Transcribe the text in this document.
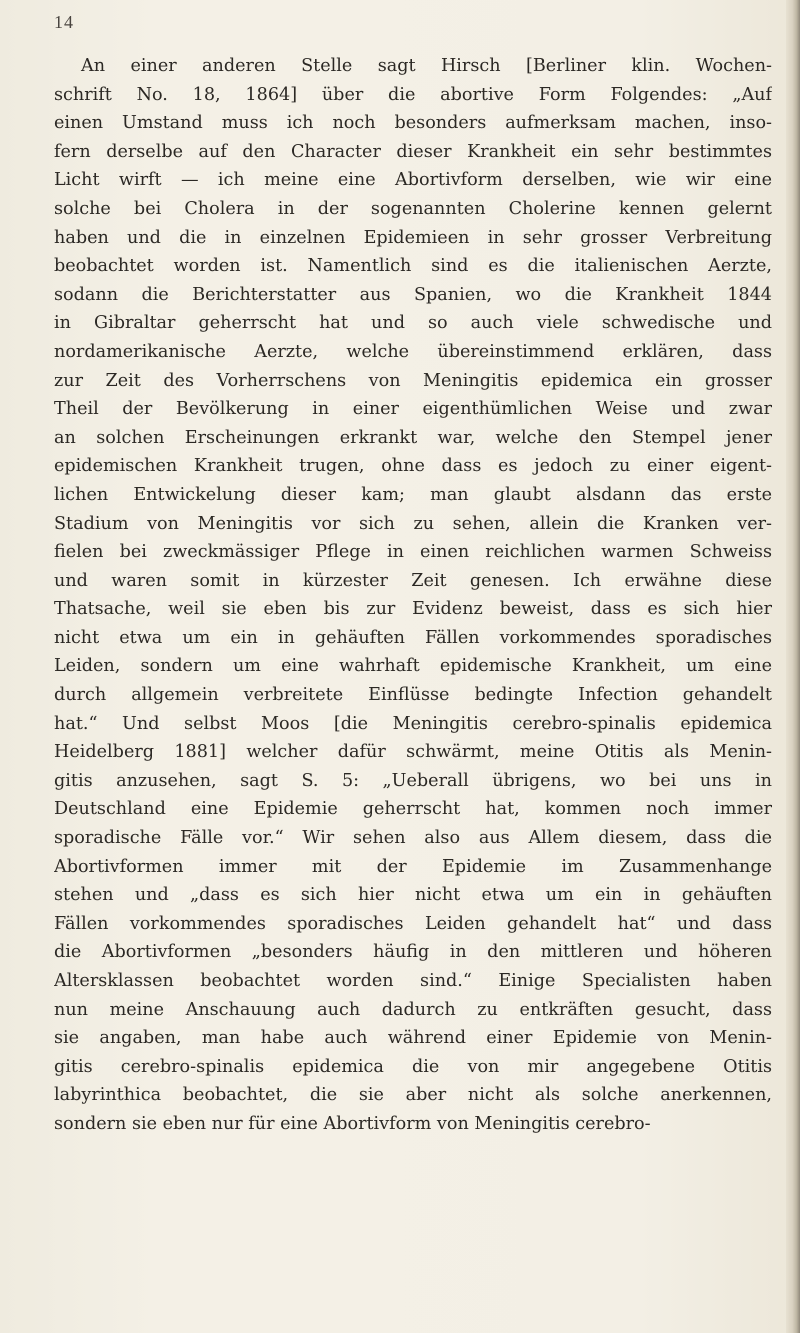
14
An einer anderen Stelle sagt Hirsch [Berliner klin. Wochen-
schrift No. 18, 1864] über die abortive Form Folgendes: „Auf
einen Umstand muss ich noch besonders aufmerksam machen, inso-
fern derselbe auf den Character dieser Krankheit ein sehr bestimmtes
Licht wirft — ich meine eine Abortivform derselben, wie wir eine
solche bei Cholera in der sogenannten Cholerine kennen gelernt
haben und die in einzelnen Epidemieen in sehr grosser Verbreitung
beobachtet worden ist. Namentlich sind es die italienischen Aerzte,
sodann die Berichterstatter aus Spanien, wo die Krankheit 1844
in Gibraltar geherrscht hat und so auch viele schwedische und
nordamerikanische Aerzte, welche übereinstimmend erklären, dass
zur Zeit des Vorherrschens von Meningitis epidemica ein grosser
Theil der Bevölkerung in einer eigenthümlichen Weise und zwar
an solchen Erscheinungen erkrankt war, welche den Stempel jener
epidemischen Krankheit trugen, ohne dass es jedoch zu einer eigent-
lichen Entwickelung dieser kam; man glaubt alsdann das erste
Stadium von Meningitis vor sich zu sehen, allein die Kranken ver-
fielen bei zweckmässiger Pflege in einen reichlichen warmen Schweiss
und waren somit in kürzester Zeit genesen. Ich erwähne diese
Thatsache, weil sie eben bis zur Evidenz beweist, dass es sich hier
nicht etwa um ein in gehäuften Fällen vorkommendes sporadisches
Leiden, sondern um eine wahrhaft epidemische Krankheit, um eine
durch allgemein verbreitete Einflüsse bedingte Infection gehandelt
hat.“ Und selbst Moos [die Meningitis cerebro-spinalis epidemica
Heidelberg 1881] welcher dafür schwärmt, meine Otitis als Menin-
gitis anzusehen, sagt S. 5: „Ueberall übrigens, wo bei uns in
Deutschland eine Epidemie geherrscht hat, kommen noch immer
sporadische Fälle vor.“ Wir sehen also aus Allem diesem, dass die
Abortivformen immer mit der Epidemie im Zusammenhange
stehen und „dass es sich hier nicht etwa um ein in gehäuften
Fällen vorkommendes sporadisches Leiden gehandelt hat“ und dass
die Abortivformen „besonders häufig in den mittleren und höheren
Altersklassen beobachtet worden sind.“ Einige Specialisten haben
nun meine Anschauung auch dadurch zu entkräften gesucht, dass
sie angaben, man habe auch während einer Epidemie von Menin-
gitis cerebro-spinalis epidemica die von mir angegebene Otitis
labyrinthica beobachtet, die sie aber nicht als solche anerkennen,
sondern sie eben nur für eine Abortivform von Meningitis cerebro-
